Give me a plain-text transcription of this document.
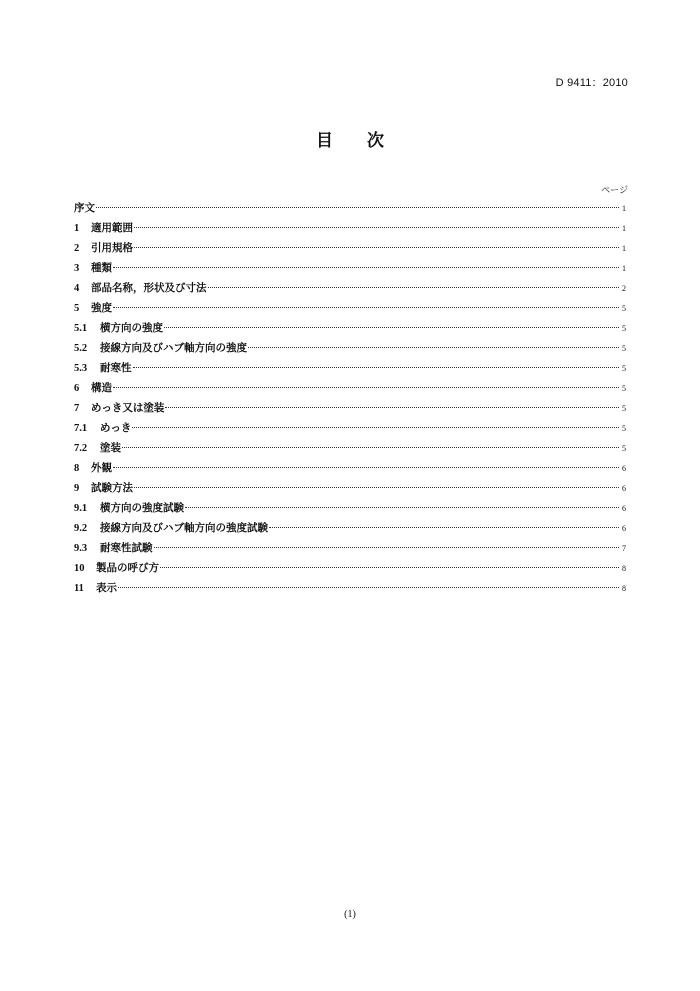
D 9411：2010
目 次
ページ
序文	1
1	適用範囲	1
2	引用規格	1
3	種類	1
4	部品名称，形状及び寸法	2
5	強度	5
5.1	横方向の強度	5
5.2	接線方向及びハブ軸方向の強度	5
5.3	耐寒性	5
6	構造	5
7	めっき又は塗装	5
7.1	めっき	5
7.2	塗装	5
8	外観	6
9	試験方法	6
9.1	横方向の強度試験	6
9.2	接線方向及びハブ軸方向の強度試験	6
9.3	耐寒性試験	7
10	製品の呼び方	8
11	表示	8
(1)
